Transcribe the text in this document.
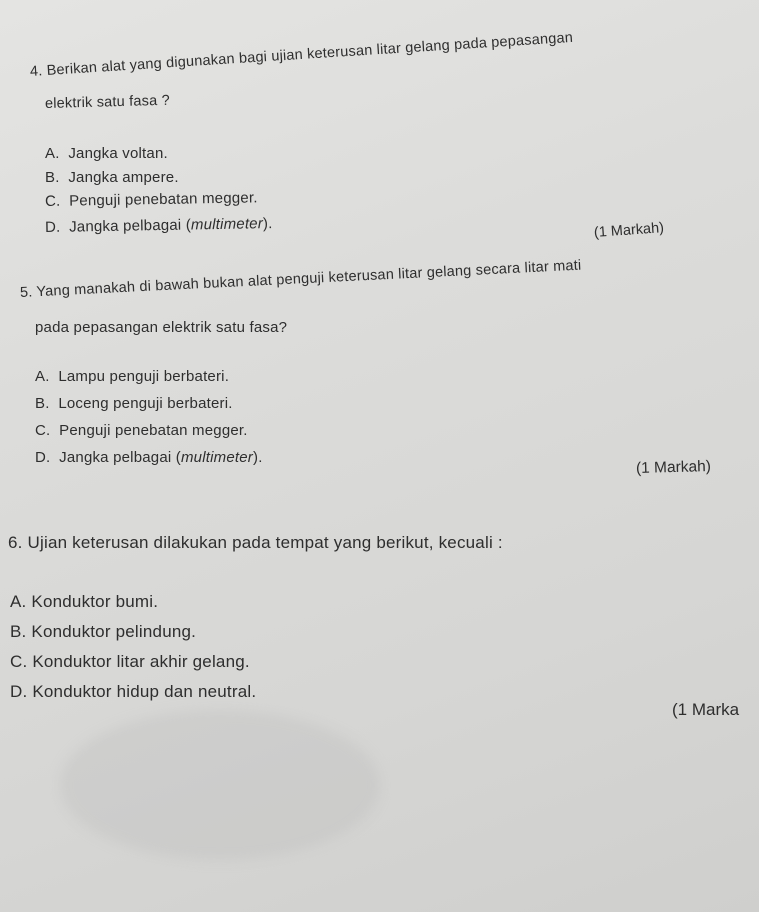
4. Berikan alat yang digunakan bagi ujian keterusan litar gelang pada pepasangan
elektrik satu fasa ?
A. Jangka voltan.
B. Jangka ampere.
C. Penguji penebatan megger.
D. Jangka pelbagai (multimeter).	(1 Markah)
5. Yang manakah di bawah bukan alat penguji keterusan litar gelang secara litar mati
pada pepasangan elektrik satu fasa?
A. Lampu penguji berbateri.
B. Loceng penguji berbateri.
C. Penguji penebatan megger.
D. Jangka pelbagai (multimeter).
(1 Markah)
6. Ujian keterusan dilakukan pada tempat yang berikut, kecuali :
A. Konduktor bumi.
B. Konduktor pelindung.
C. Konduktor litar akhir gelang.
D. Konduktor hidup dan neutral.
(1 Marka
